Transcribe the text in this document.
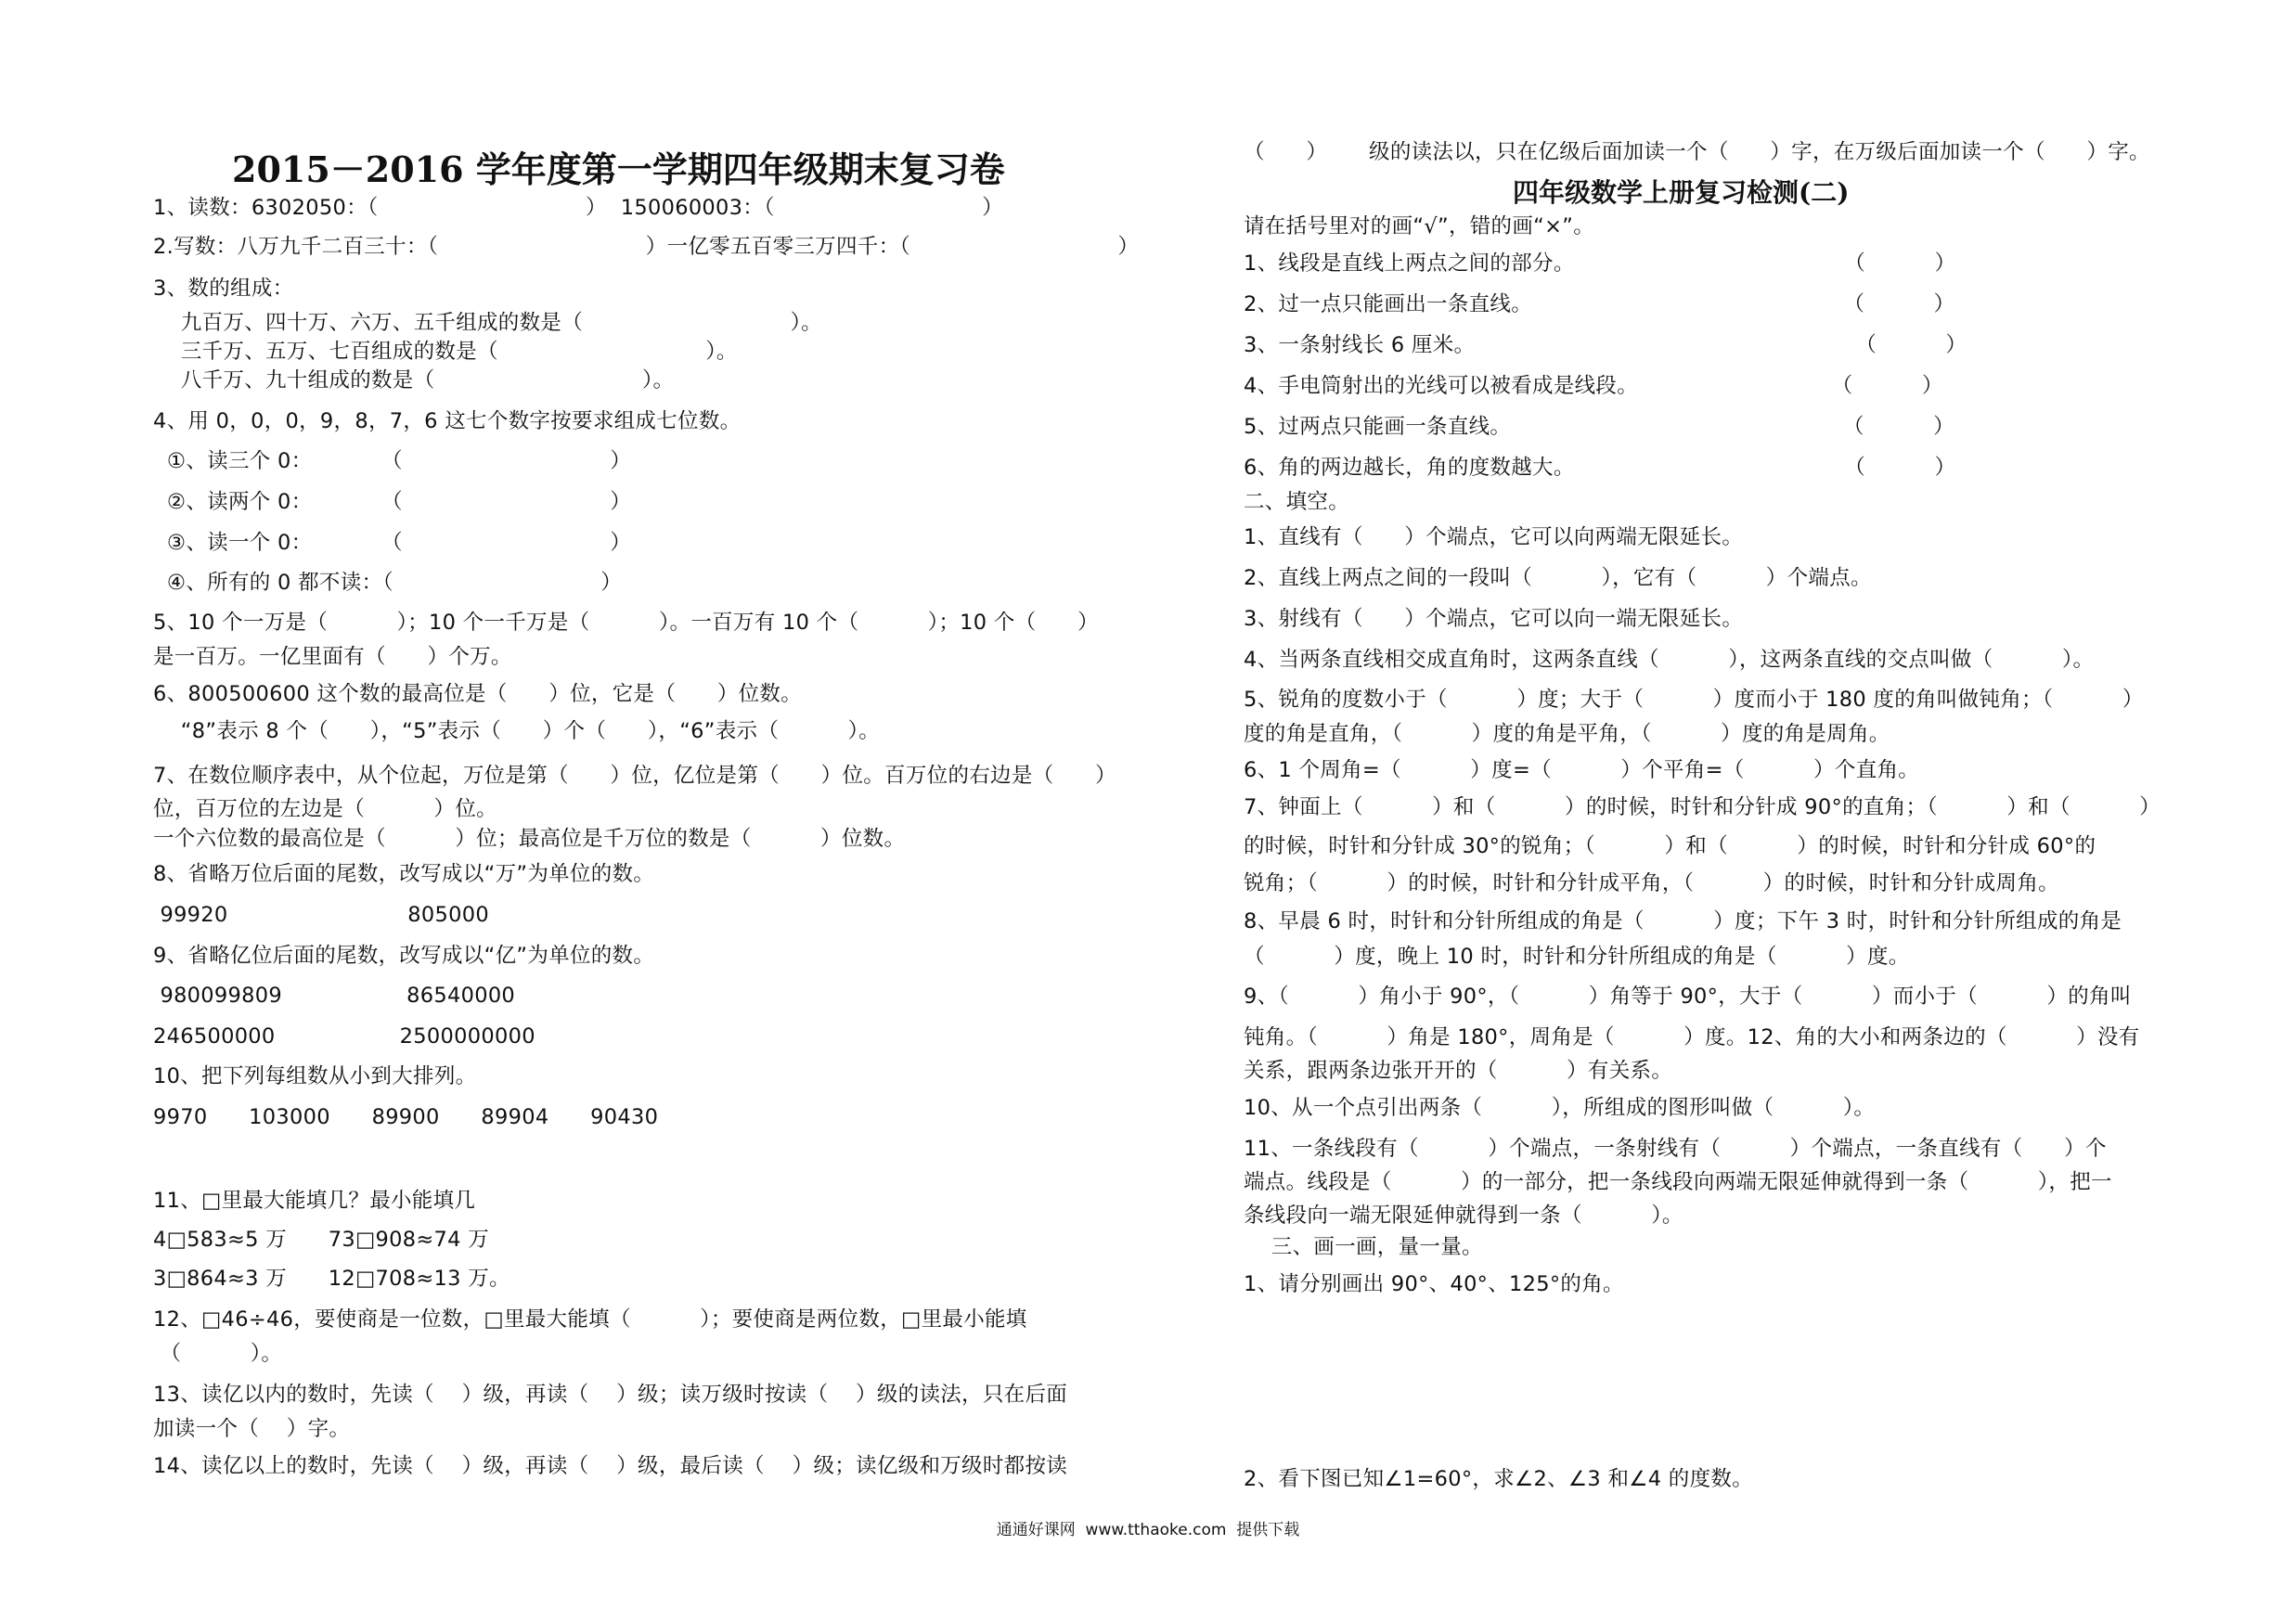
2015－2016 学年度第一学期四年级期末复习卷
1、读数：6302050：（                              ）  150060003：（                              ）
2.写数：八万九千二百三十：（                              ）一亿零五百零三万四千：（                              ）
3、数的组成：
九百万、四十万、六万、五千组成的数是（                              ）。
三千万、五万、七百组成的数是（                              ）。
八千万、九十组成的数是（                              ）。
4、用 0，0，0，9，8，7，6 这七个数字按要求组成七位数。
①、读三个 0：          （                              ）
②、读两个 0：          （                              ）
③、读一个 0：          （                              ）
④、所有的 0 都不读：（                              ）
5、10 个一万是（          ）；10 个一千万是（          ）。一百万有 10 个（          ）；10 个（      ）
是一百万。一亿里面有（      ）个万。
6、800500600 这个数的最高位是（      ）位，它是（      ）位数。
“8”表示 8 个（      ），“5”表示（      ）个（      ），“6”表示（          ）。
7、在数位顺序表中，从个位起，万位是第（      ）位，亿位是第（      ）位。百万位的右边是（      ）
位，百万位的左边是（          ）位。
一个六位数的最高位是（          ）位；最高位是千万位的数是（          ）位数。
8、省略万位后面的尾数，改写成以“万”为单位的数。
99920                          805000
9、省略亿位后面的尾数，改写成以“亿”为单位的数。
980099809                  86540000
246500000                  2500000000
10、把下列每组数从小到大排列。
9970      103000      89900      89904      90430
11、□里最大能填几？最小能填几
4□583≈5 万      73□908≈74 万
3□864≈3 万      12□708≈13 万。
12、□46÷46，要使商是一位数，□里最大能填（          ）；要使商是两位数，□里最小能填
（          ）。
13、读亿以内的数时，先读（    ）级，再读（    ）级；读万级时按读（    ）级的读法，只在后面
加读一个（    ）字。
14、读亿以上的数时，先读（    ）级，再读（    ）级，最后读（    ）级；读亿级和万级时都按读
四年级数学上册复习检测(二)
（      ）      级的读法以，只在亿级后面加读一个（      ）字，在万级后面加读一个（      ）字。
请在括号里对的画“√”，错的画“×”。
1、线段是直线上两点之间的部分。                                       （          ）
2、过一点只能画出一条直线。                                             （          ）
3、一条射线长 6 厘米。                                                       （          ）
4、手电筒射出的光线可以被看成是线段。                            （          ）
5、过两点只能画一条直线。                                                （          ）
6、角的两边越长，角的度数越大。                                       （          ）
二、填空。
1、直线有（      ）个端点，它可以向两端无限延长。
2、直线上两点之间的一段叫（          ），它有（          ）个端点。
3、射线有（      ）个端点，它可以向一端无限延长。
4、当两条直线相交成直角时，这两条直线（          ），这两条直线的交点叫做（          ）。
5、锐角的度数小于（          ）度；大于（          ）度而小于 180 度的角叫做钝角；（          ）
度的角是直角，（          ）度的角是平角，（          ）度的角是周角。
6、1 个周角=（          ）度=（          ）个平角=（          ）个直角。
7、钟面上（          ）和（          ）的时候，时针和分针成 90°的直角；（          ）和（          ）
的时候，时针和分针成 30°的锐角；（          ）和（          ）的时候，时针和分针成 60°的
锐角；（          ）的时候，时针和分针成平角，（          ）的时候，时针和分针成周角。
8、早晨 6 时，时针和分针所组成的角是（          ）度；下午 3 时，时针和分针所组成的角是
（          ）度，晚上 10 时，时针和分针所组成的角是（          ）度。
9、（          ）角小于 90°，（          ）角等于 90°，大于（          ）而小于（          ）的角叫
钝角。（          ）角是 180°，周角是（          ）度。12、角的大小和两条边的（          ）没有
关系，跟两条边张开开的（          ）有关系。
10、从一个点引出两条（          ），所组成的图形叫做（          ）。
11、一条线段有（          ）个端点，一条射线有（          ）个端点，一条直线有（      ）个
端点。线段是（          ）的一部分，把一条线段向两端无限延伸就得到一条（          ），把一
条线段向一端无限延伸就得到一条（          ）。
三、画一画，量一量。
1、请分别画出 90°、40°、125°的角。
2、看下图已知∠1=60°，求∠2、∠3 和∠4 的度数。
通通好课网  www.tthaoke.com  提供下载
